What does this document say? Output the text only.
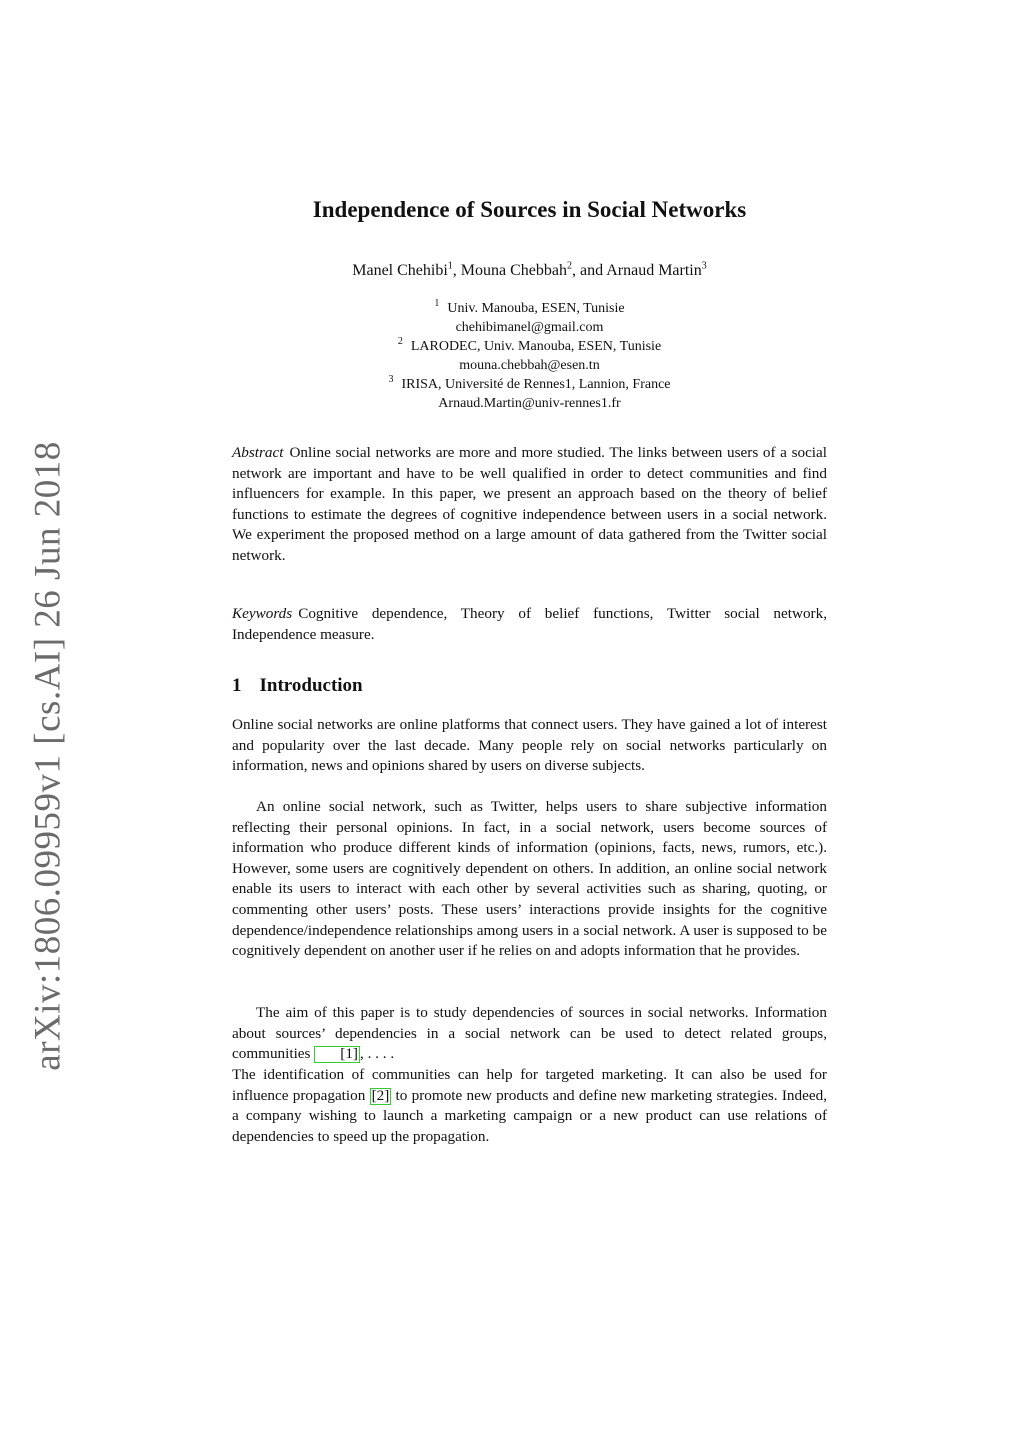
arXiv:1806.09959v1 [cs.AI] 26 Jun 2018
Independence of Sources in Social Networks
Manel Chehibi$^1$, Mouna Chebbah$^2$, and Arnaud Martin$^3$
$^1$ Univ. Manouba, ESEN, Tunisie
chehibimanel@gmail.com
$^2$ LARODEC, Univ. Manouba, ESEN, Tunisie
mouna.chebbah@esen.tn
$^3$ IRISA, Université de Rennes1, Lannion, France
Arnaud.Martin@univ-rennes1.fr

Abstract Online social networks are more and more studied. The links between users of a social network are important and have to be well qualified in order to detect communities and find influencers for example. In this paper, we present an approach based on the theory of belief functions to estimate the degrees of cognitive independence between users in a social network. We experiment the proposed method on a large amount of data gathered from the Twitter social network.

Keywords Cognitive dependence, Theory of belief functions, Twitter social network, Independence measure.

1 Introduction

Online social networks are online platforms that connect users. They have gained a lot of interest and popularity over the last decade. Many people rely on social networks particularly on information, news and opinions shared by users on diverse subjects.

An online social network, such as Twitter, helps users to share subjective information reflecting their personal opinions. In fact, in a social network, users become sources of information who produce different kinds of information (opinions, facts, news, rumors, etc.). However, some users are cognitively dependent on others. In addition, an online social network enable its users to interact with each other by several activities such as sharing, quoting, or commenting other users’ posts. These users’ interactions provide insights for the cognitive dependence/independence relationships among users in a social network. A user is supposed to be cognitively dependent on another user if he relies on and adopts information that he provides.

The aim of this paper is to study dependencies of sources in social networks. Information about sources’ dependencies in a social network can be used to detect related groups, communities [1] , . . . .

The identification of communities can help for targeted marketing. It can also be used for influence propagation [2] to promote new products and define new marketing strategies. Indeed, a company wishing to launch a marketing campaign or a new product can use relations of dependencies to speed up the propagation.
